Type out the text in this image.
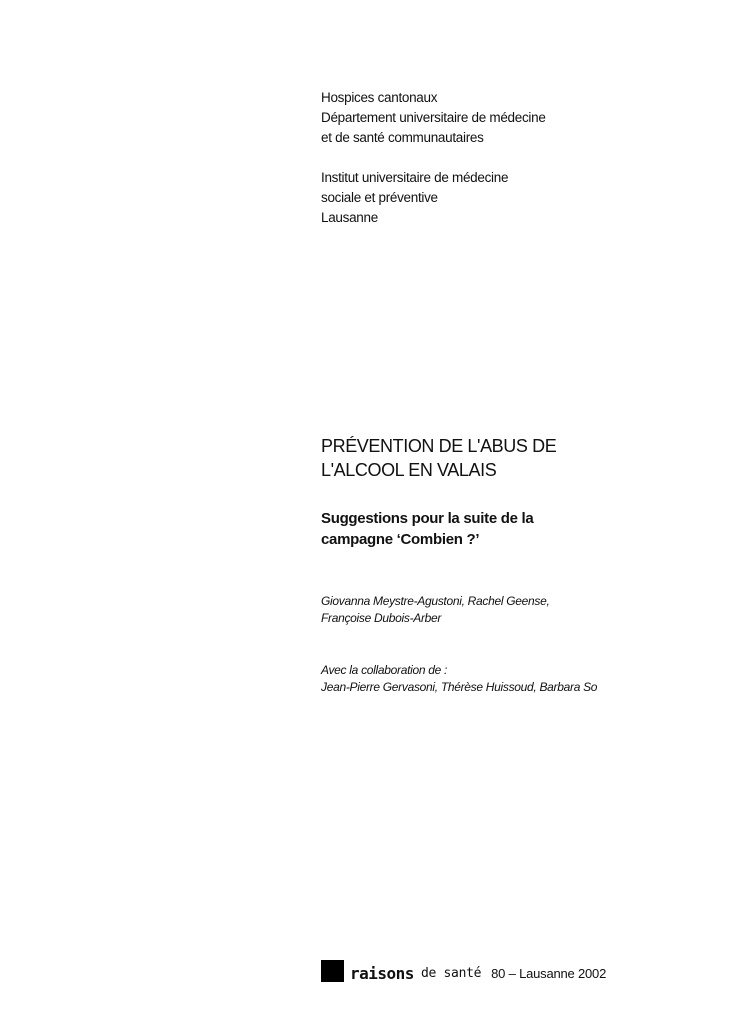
Hospices cantonaux
Département universitaire de médecine
et de santé communautaires
Institut universitaire de médecine
sociale et préventive
Lausanne
PRÉVENTION DE L'ABUS DE
L'ALCOOL EN VALAIS
Suggestions pour la suite de la
campagne ‘Combien ?’
Giovanna Meystre-Agustoni, Rachel Geense,
Françoise Dubois-Arber
Avec la collaboration de :
Jean-Pierre Gervasoni, Thérèse Huissoud, Barbara So
raisons de santé 80 – Lausanne 2002
